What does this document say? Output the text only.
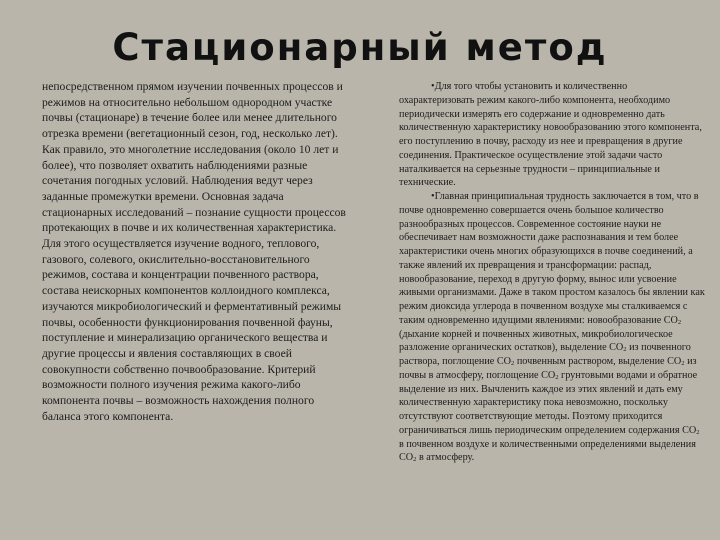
Стационарный метод
непосредственном прямом изучении почвенных процессов и режимов на относительно небольшом однородном участке почвы (стационаре) в течение более или менее длительного отрезка времени (вегетационный сезон, год, несколько лет). Как правило, это многолетние исследования (около 10 лет и более), что позволяет охватить наблюдениями разные сочетания погодных условий. Наблюдения ведут через заданные промежутки времени. Основная задача стационарных исследований – познание сущности процессов протекающих в почве и их количественная характеристика. Для этого осуществляется изучение водного, теплового, газового, солевого, окислительно-восстановительного режимов, состава и концентрации почвенного раствора, состава неискорных компонентов коллоидного комплекса, изучаются микробиологический и ферментативный режимы почвы, особенности функционирования почвенной фауны, поступление и минерализацию органического вещества и другие процессы и явления составляющих в своей совокупности собственно почвообразование. Критерий возможности полного изучения режима какого-либо компонента почвы – возможность нахождения полного баланса этого компонента.

•Для того чтобы установить и количественно охарактеризовать режим какого-либо компонента, необходимо периодически измерять его содержание и одновременно дать количественную характеристику новообразованию этого компонента, его поступлению в почву, расходу из нее и превращения в другие соединения. Практическое осуществление этой задачи часто наталкивается на серьезные трудности – принципиальные и технические.

•Главная принципиальная трудность заключается в том, что в почве одновременно совершается очень большое количество разнообразных процессов. Современное состояние науки не обеспечивает нам возможности даже распознавания и тем более характеристики очень многих образующихся в почве соединений, а также явлений их превращения и трансформации: распад, новообразование, переход в другую форму, вынос или усвоение живыми организмами. Даже в таком простом казалось бы явлении как режим диоксида углерода в почвенном воздухе мы сталкиваемся с таким одновременно идущими явлениями: новообразование $CO_2$ (дыхание корней и почвенных животных, микробиологическое разложение органических остатков), выделение $CO_2$ из почвенного раствора, поглощение $CO_2$ почвенным раствором, выделение $CO_2$ из почвы в атмосферу, поглощение $CO_2$ грунтовыми водами и обратное выделение из них. Вычленить каждое из этих явлений и дать ему количественную характеристику пока невозможно, поскольку отсутствуют соответствующие методы. Поэтому приходится ограничиваться лишь периодическим определением содержания $CO_2$ в почвенном воздухе и количественными определениями выделения $CO_2$ в атмосферу.
